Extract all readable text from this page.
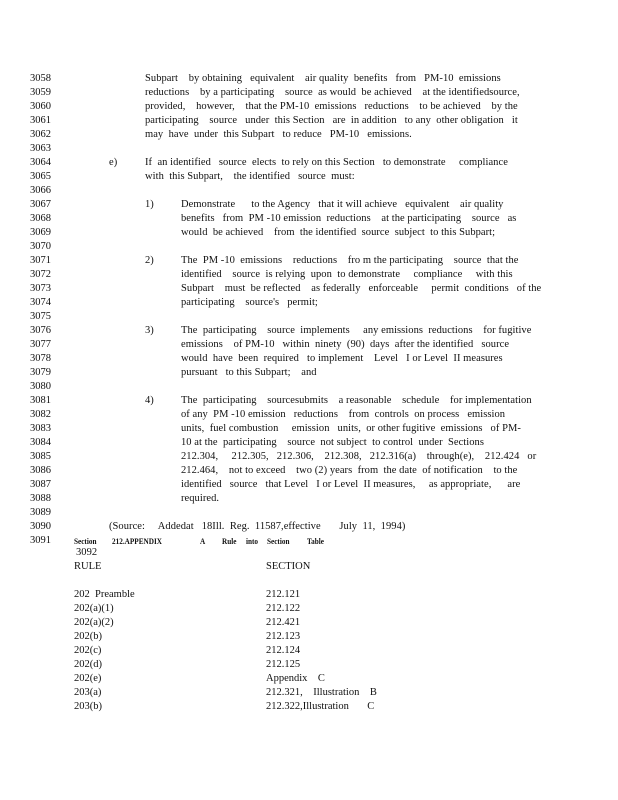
3058
3059
3060
3061
3062
3063
3064
3065
3066
3067
3068
3069
3070
3071
3072
3073
3074
3075
3076
3077
3078
3079
3080
3081
3082
3083
3084
3085
3086
3087
3088
3089
3090
3091
Subpart    by obtaining   equivalent    air quality  benefits   from   PM-10  emissions
reductions    by a participating    source  as would  be achieved    at the identifiedsource,
provided,    however,    that the PM-10  emissions   reductions    to be achieved    by the
participating    source   under  this Section   are  in addition   to any  other obligation   it
may  have  under  this Subpart   to reduce   PM-10   emissions.
e)	If  an identified   source  elects  to rely on this Section   to demonstrate     compliance
with  this Subpart,    the identified   source  must:
1)	Demonstrate      to the Agency   that it will achieve   equivalent    air quality
benefits   from  PM -10 emission  reductions    at the participating    source   as
would  be achieved    from  the identified  source  subject  to this Subpart;
2)	The  PM -10  emissions    reductions    fro m the participating    source  that the
identified    source  is relying  upon  to demonstrate     compliance     with this
Subpart    must  be reflected    as federally   enforceable     permit  conditions   of the
participating    source's   permit;
3)	The  participating    source  implements     any emissions  reductions    for fugitive
emissions    of PM-10   within  ninety  (90)  days  after the identified   source
would  have  been  required   to implement    Level   I or Level  II measures
pursuant   to this Subpart;    and
4)	The  participating    sourcesubmits    a reasonable    schedule    for implementation
of any  PM -10 emission   reductions    from  controls  on process   emission
units,  fuel combustion     emission   units,  or other fugitive  emissions   of PM-
10 at the  participating    source  not subject  to control  under  Sections
212.304,     212.305,   212.306,    212.308,   212.316(a)    through(e),    212.424   or
212.464,    not to exceed    two (2) years  from  the date  of notification    to the
identified   source   that Level   I or Level  II measures,     as appropriate,      are
required.
(Source:     Addedat   18Ill.  Reg.  11587,effective       July  11,  1994)
Section 212.APPENDIX	A Rule into Section Table
3092
RULE	SECTION
202  Preamble	212.121
202(a)(1)	212.122
202(a)(2)	212.421
202(b)	212.123
202(c)	212.124
202(d)	212.125
202(e)	Appendix    C
203(a)	212.321,    Illustration    B
203(b)	212.322,Illustration       C
